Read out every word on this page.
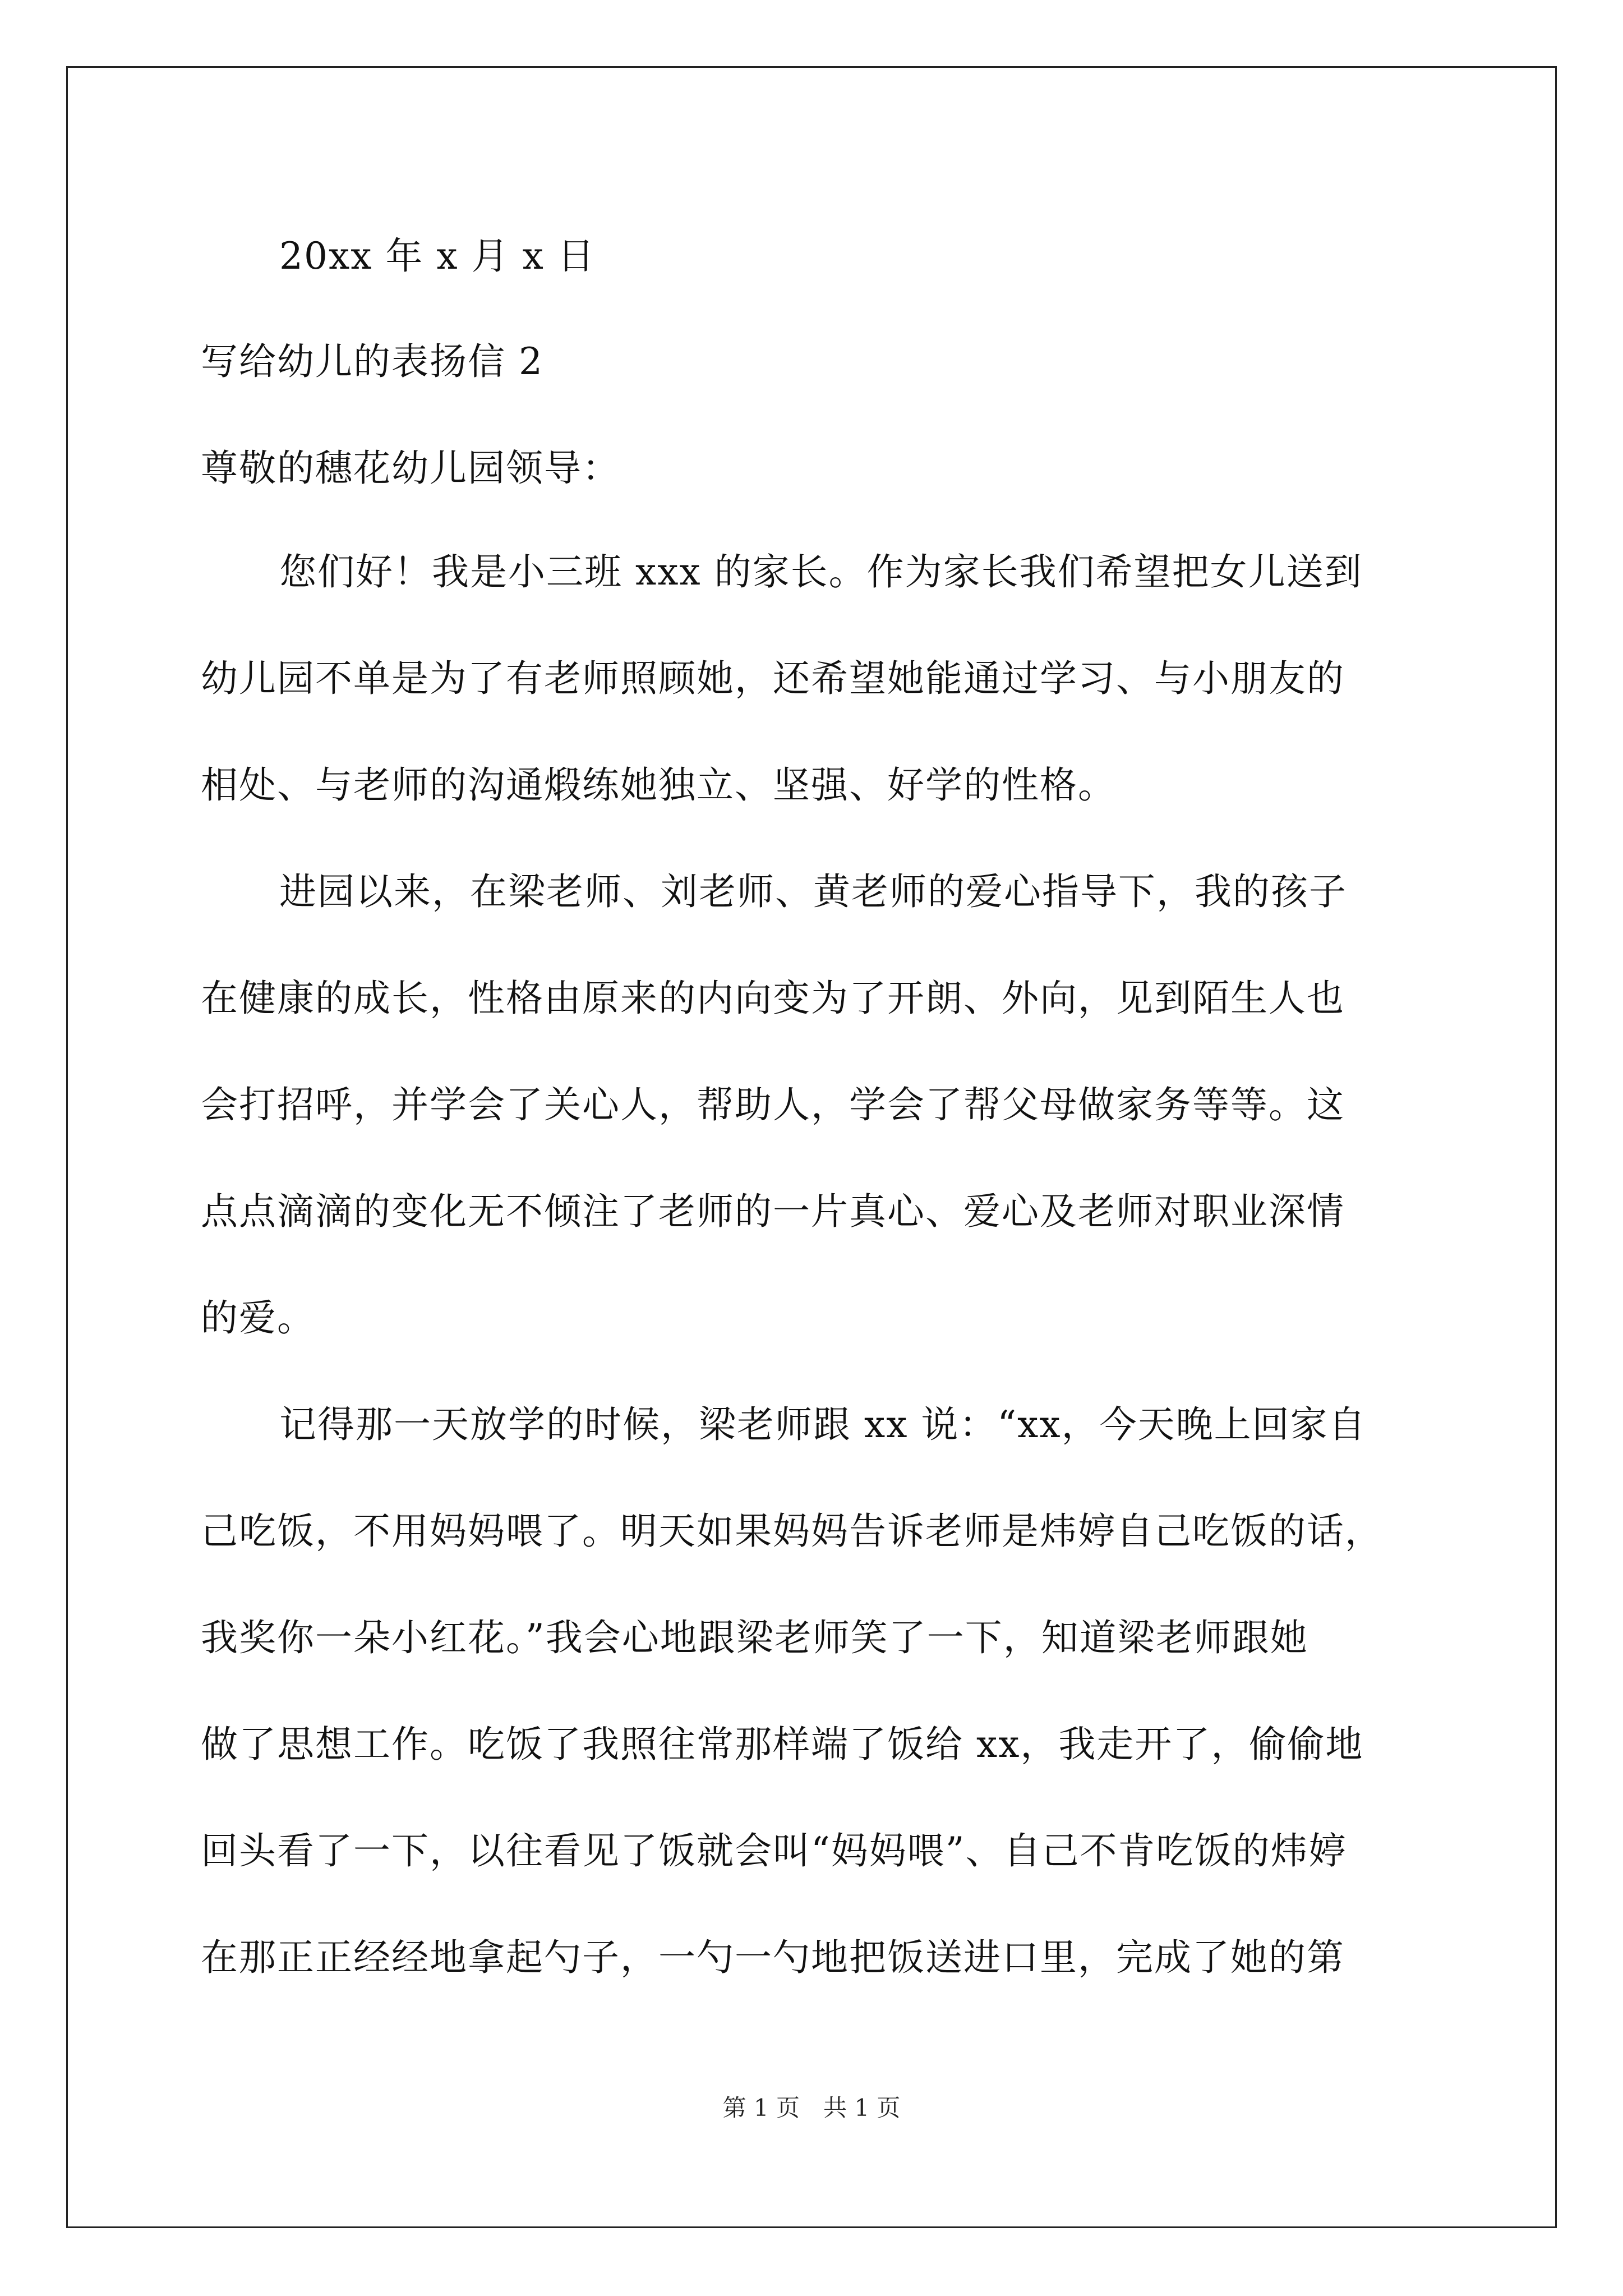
20xx 年 x 月 x 日
写给幼儿的表扬信 2
尊敬的穗花幼儿园领导：
您们好！我是小三班 xxx 的家长。作为家长我们希望把女儿送到
幼儿园不单是为了有老师照顾她，还希望她能通过学习、与小朋友的
相处、与老师的沟通煅练她独立、坚强、好学的性格。
进园以来，在梁老师、刘老师、黄老师的爱心指导下，我的孩子
在健康的成长，性格由原来的内向变为了开朗、外向，见到陌生人也
会打招呼，并学会了关心人，帮助人，学会了帮父母做家务等等。这
点点滴滴的变化无不倾注了老师的一片真心、爱心及老师对职业深情
的爱。
记得那一天放学的时候，梁老师跟 xx 说：“xx，今天晚上回家自
己吃饭，不用妈妈喂了。明天如果妈妈告诉老师是炜婷自己吃饭的话，
我奖你一朵小红花。”我会心地跟梁老师笑了一下，知道梁老师跟她
做了思想工作。吃饭了我照往常那样端了饭给 xx，我走开了，偷偷地
回头看了一下，以往看见了饭就会叫“妈妈喂”、自己不肯吃饭的炜婷
在那正正经经地拿起勺子，一勺一勺地把饭送进口里，完成了她的第
第 1 页　共 1 页
